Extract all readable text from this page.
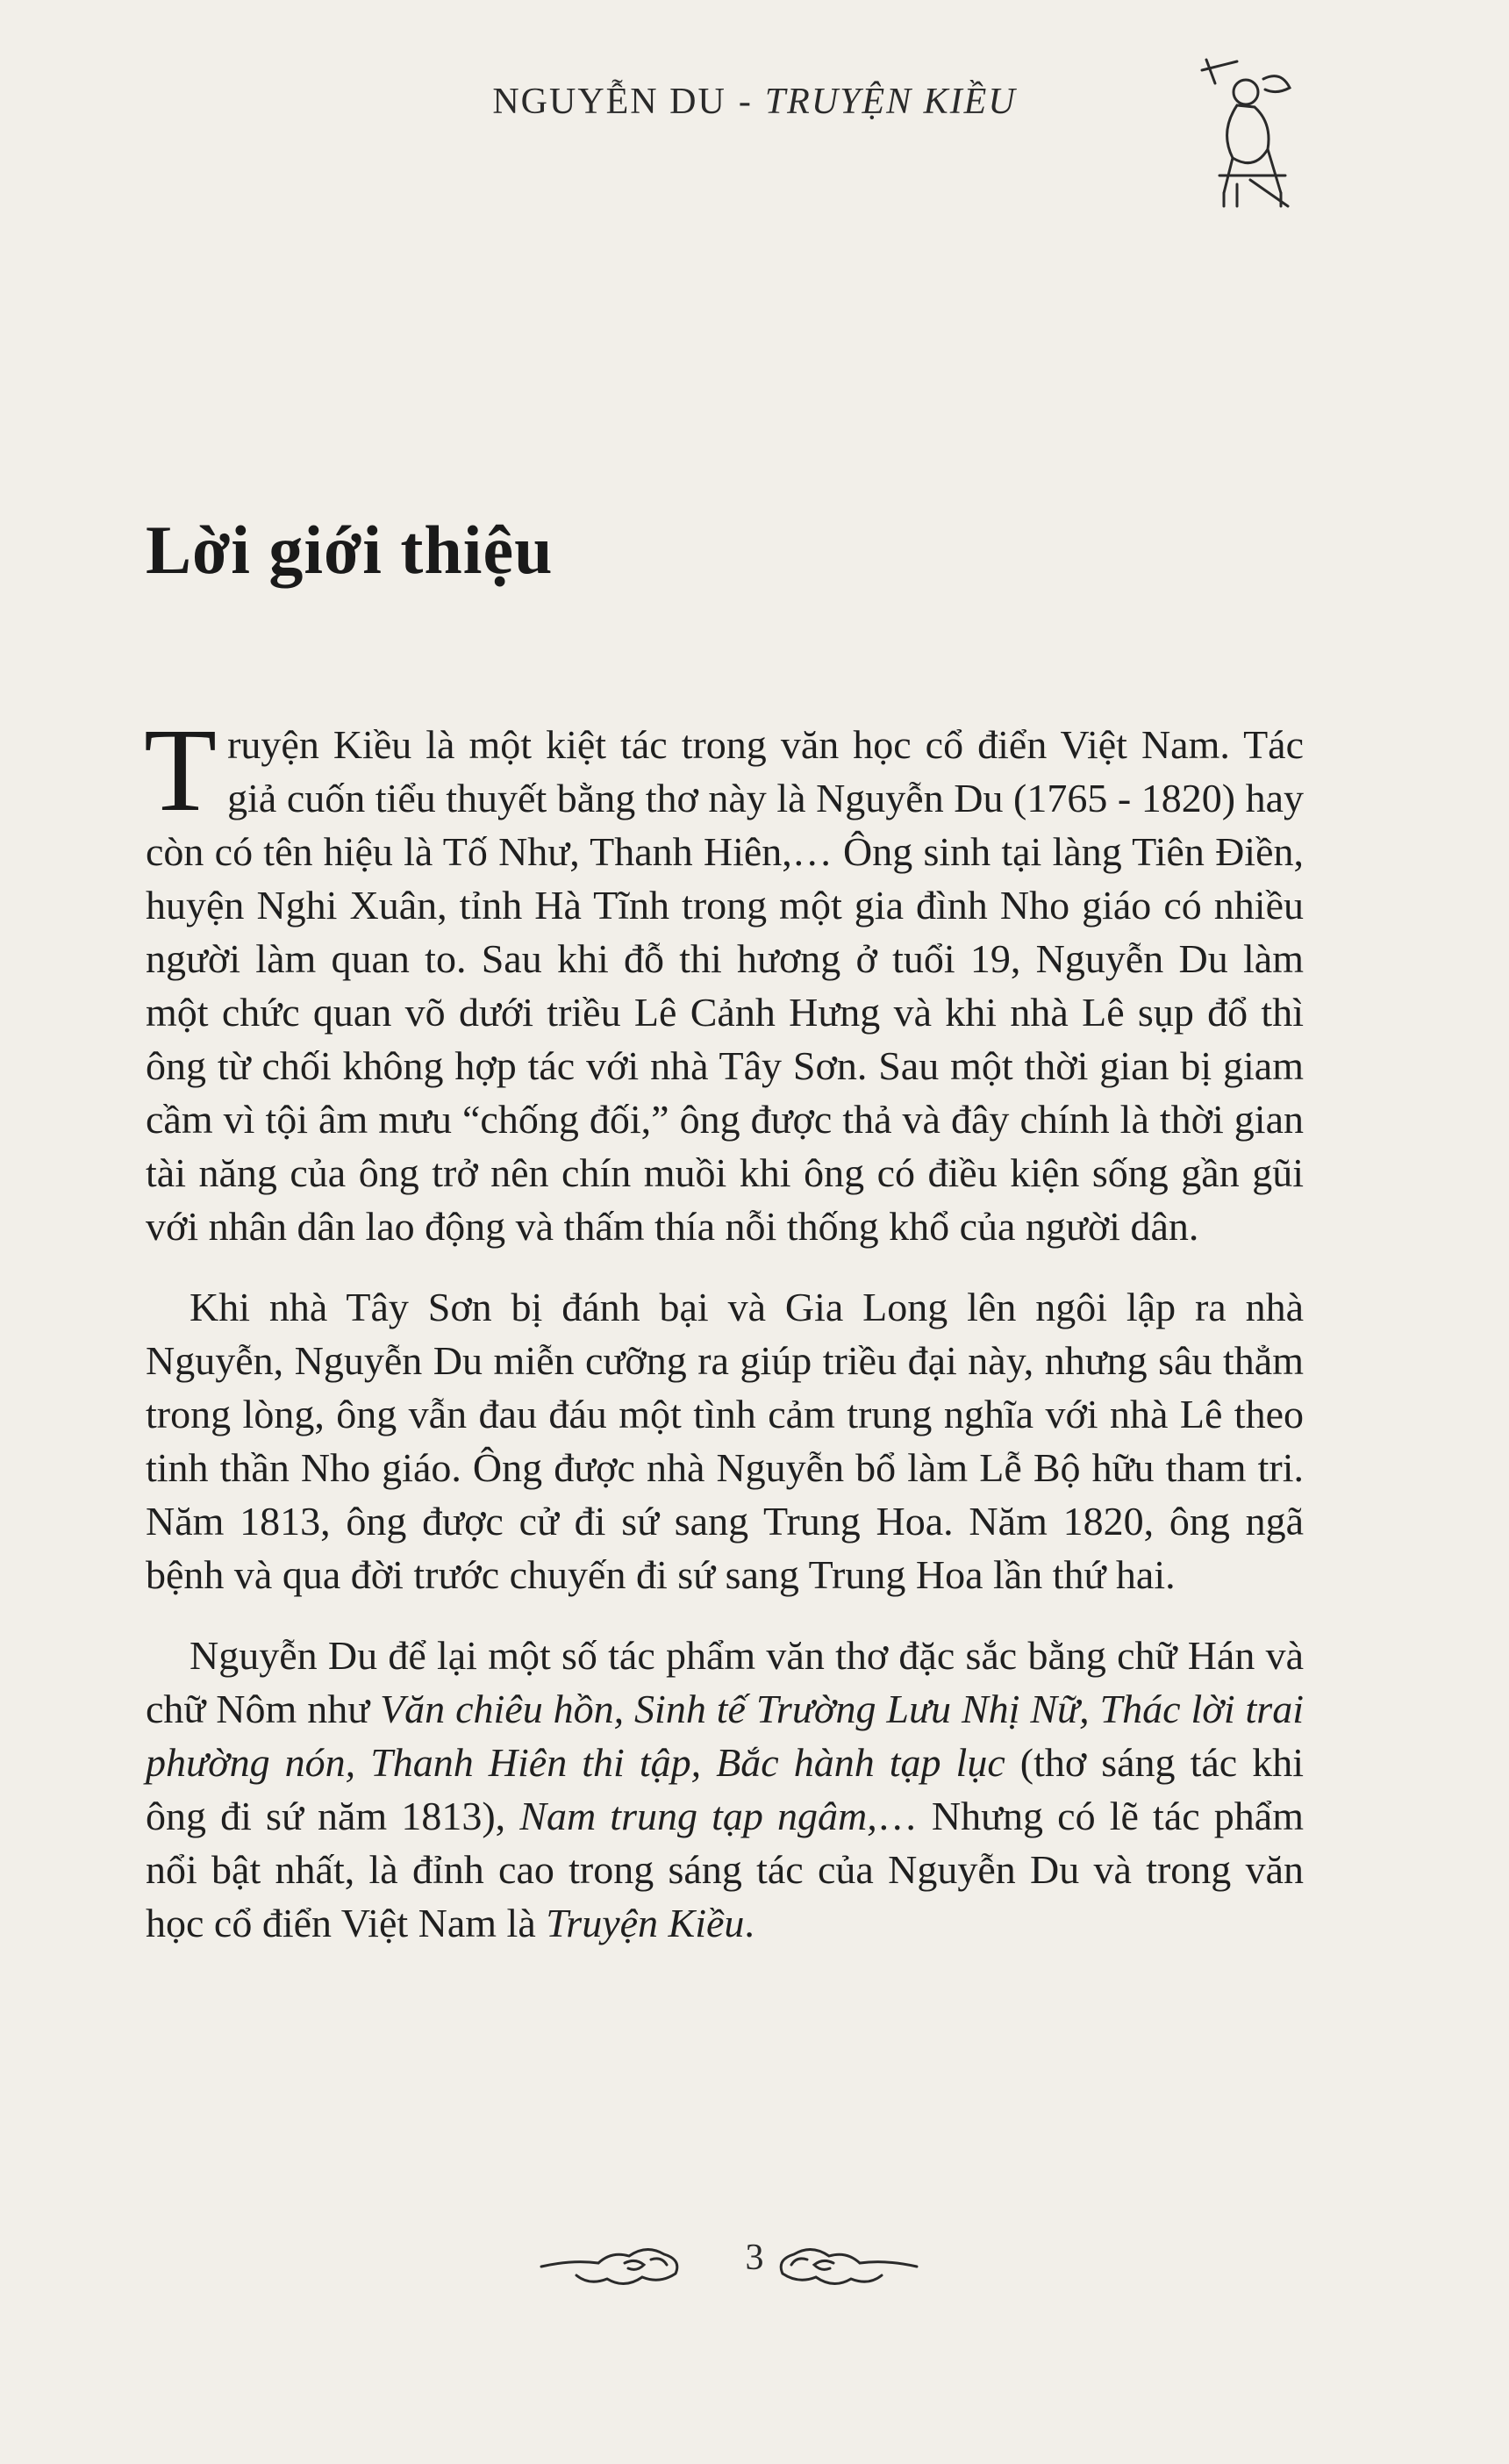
NGUYỄN DU - TRUYỆN KIỀU
Lời giới thiệu

Truyện Kiều là một kiệt tác trong văn học cổ điển Việt Nam. Tác giả cuốn tiểu thuyết bằng thơ này là Nguyễn Du (1765 - 1820) hay còn có tên hiệu là Tố Như, Thanh Hiên,… Ông sinh tại làng Tiên Điền, huyện Nghi Xuân, tỉnh Hà Tĩnh trong một gia đình Nho giáo có nhiều người làm quan to. Sau khi đỗ thi hương ở tuổi 19, Nguyễn Du làm một chức quan võ dưới triều Lê Cảnh Hưng và khi nhà Lê sụp đổ thì ông từ chối không hợp tác với nhà Tây Sơn. Sau một thời gian bị giam cầm vì tội âm mưu “chống đối,” ông được thả và đây chính là thời gian tài năng của ông trở nên chín muồi khi ông có điều kiện sống gần gũi với nhân dân lao động và thấm thía nỗi thống khổ của người dân.

Khi nhà Tây Sơn bị đánh bại và Gia Long lên ngôi lập ra nhà Nguyễn, Nguyễn Du miễn cưỡng ra giúp triều đại này, nhưng sâu thẳm trong lòng, ông vẫn đau đáu một tình cảm trung nghĩa với nhà Lê theo tinh thần Nho giáo. Ông được nhà Nguyễn bổ làm Lễ Bộ hữu tham tri. Năm 1813, ông được cử đi sứ sang Trung Hoa. Năm 1820, ông ngã bệnh và qua đời trước chuyến đi sứ sang Trung Hoa lần thứ hai.

Nguyễn Du để lại một số tác phẩm văn thơ đặc sắc bằng chữ Hán và chữ Nôm như Văn chiêu hồn, Sinh tế Trường Lưu Nhị Nữ, Thác lời trai phường nón, Thanh Hiên thi tập, Bắc hành tạp lục (thơ sáng tác khi ông đi sứ năm 1813), Nam trung tạp ngâm,… Nhưng có lẽ tác phẩm nổi bật nhất, là đỉnh cao trong sáng tác của Nguyễn Du và trong văn học cổ điển Việt Nam là Truyện Kiều.

3
